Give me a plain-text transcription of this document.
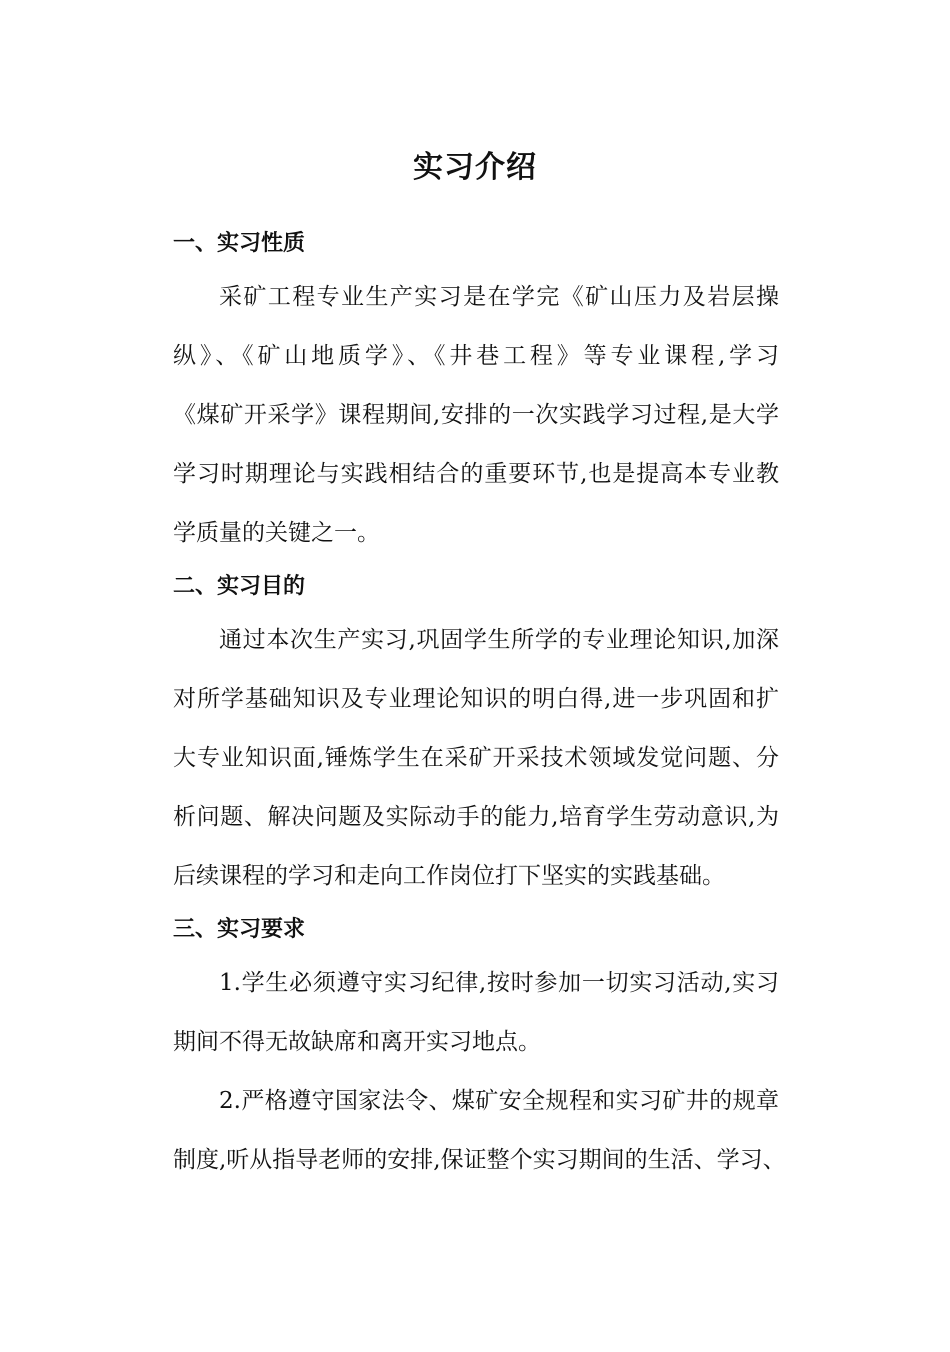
实习介绍
一、实习性质

采矿工程专业生产实习是在学完《矿山压力及岩层操
纵》、《矿山地质学》、《井巷工程》等专业课程,学习
《煤矿开采学》课程期间,安排的一次实践学习过程,是大学
学习时期理论与实践相结合的重要环节,也是提高本专业教
学质量的关键之一。

二、实习目的

通过本次生产实习,巩固学生所学的专业理论知识,加深
对所学基础知识及专业理论知识的明白得,进一步巩固和扩
大专业知识面,锤炼学生在采矿开采技术领域发觉问题、分
析问题、解决问题及实际动手的能力,培育学生劳动意识,为
后续课程的学习和走向工作岗位打下坚实的实践基础。

三、实习要求

1.学生必须遵守实习纪律,按时参加一切实习活动,实习
期间不得无故缺席和离开实习地点。

2.严格遵守国家法令、煤矿安全规程和实习矿井的规章
制度,听从指导老师的安排,保证整个实习期间的生活、学习、
